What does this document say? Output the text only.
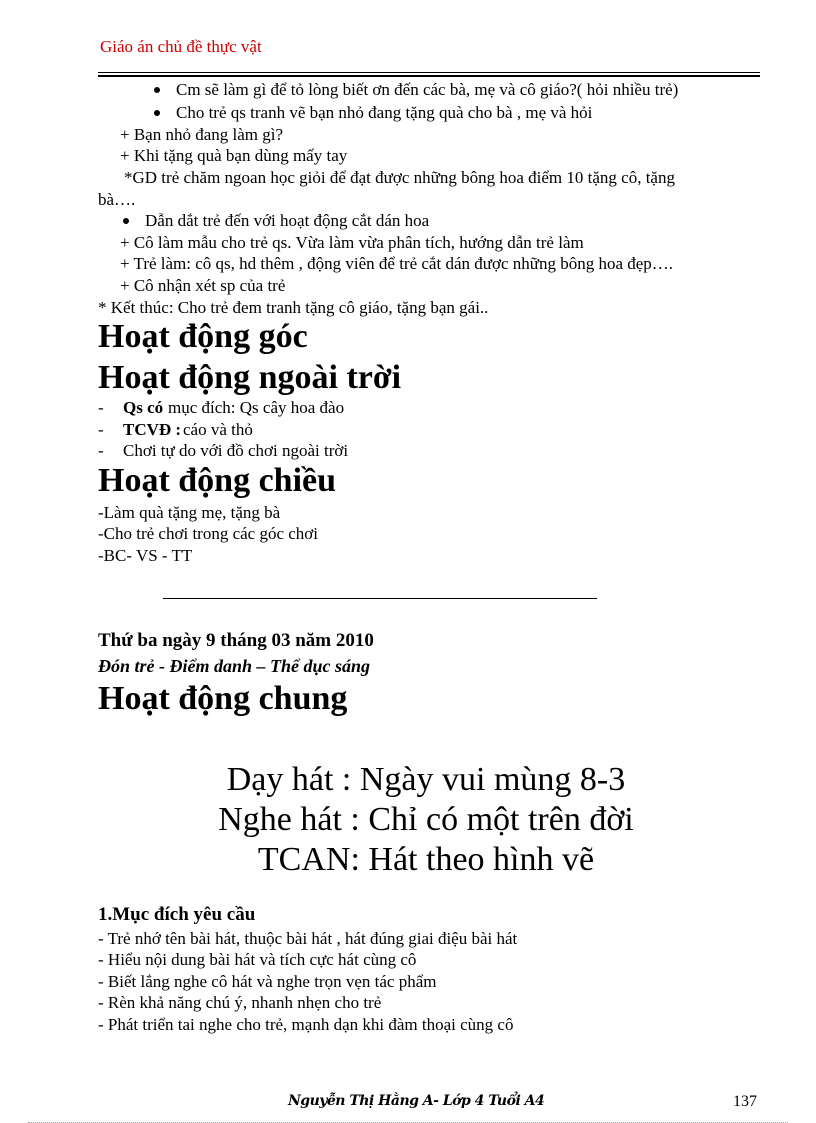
Giáo án chủ đề thực vật
Cm sẽ làm gì để tỏ lòng biết ơn đến các bà, mẹ và cô giáo?( hỏi nhiều trẻ)
Cho trẻ qs tranh vẽ bạn nhỏ đang tặng quà cho bà , mẹ và hỏi
+ Bạn nhỏ đang làm gì?
+ Khi tặng quà bạn dùng mấy tay
*GD trẻ chăm ngoan học giỏi để đạt được những bông hoa điểm 10 tặng cô, tặng
bà….
Dẫn dắt trẻ đến với hoạt động cắt dán hoa
+ Cô làm mẫu cho trẻ qs. Vừa làm vừa phân tích, hướng dẫn trẻ làm
+ Trẻ làm: cô qs, hd thêm , động viên để trẻ cắt dán được những bông hoa đẹp….
+ Cô nhận xét sp của trẻ
* Kết thúc: Cho trẻ đem tranh tặng cô giáo, tặng bạn gái..
Hoạt động góc
Hoạt động ngoài trời
- Qs có mục đích: Qs cây hoa đào
- TCVĐ : cáo và thỏ
- Chơi tự do với đồ chơi ngoài trời
Hoạt động chiều
-Làm quà tặng mẹ, tặng bà
-Cho trẻ chơi trong các góc chơi
-BC- VS - TT
Thứ ba ngày 9 tháng 03 năm 2010
Đón trẻ - Điểm danh – Thể dục sáng
Hoạt động chung
Dạy hát : Ngày vui mùng 8-3
Nghe hát : Chỉ có một trên đời
TCAN: Hát theo hình vẽ
1.Mục đích yêu cầu
- Trẻ nhớ tên bài hát, thuộc bài hát , hát đúng giai điệu bài hát
- Hiểu nội dung bài hát và tích cực hát cùng cô
- Biết lắng nghe cô hát và nghe trọn vẹn tác phẩm
- Rèn khả năng chú ý, nhanh nhẹn cho trẻ
- Phát triển tai nghe cho trẻ, mạnh dạn khi đàm thoại cùng cô
Nguyễn Thị Hằng A- Lớp 4 Tuổi A4	137
